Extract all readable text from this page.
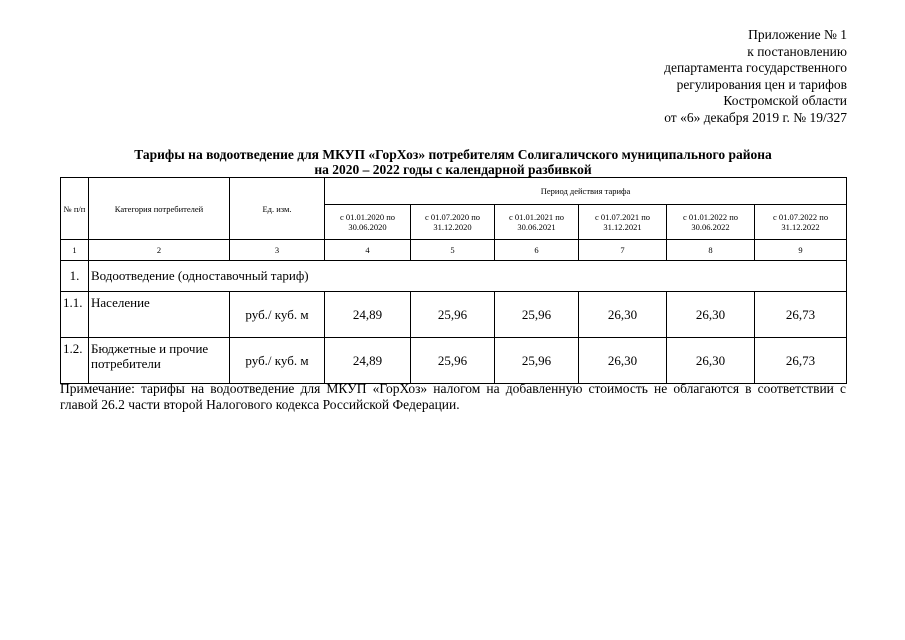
Приложение № 1
к постановлению
департамента государственного
регулирования цен и тарифов
Костромской области
от «6» декабря 2019 г. № 19/327
Тарифы на водоотведение для МКУП «ГорХоз» потребителям Солигаличского муниципального района
на 2020 – 2022 годы с календарной разбивкой
№ п/п	Категория потребителей	Ед. изм.	Период действия тарифа					
			с 01.01.2020 по 30.06.2020	с 01.07.2020 по 31.12.2020	с 01.01.2021 по 30.06.2021	с 01.07.2021 по 31.12.2021	с 01.01.2022 по 30.06.2022	с 01.07.2022 по 31.12.2022
1	2	3	4	5	6	7	8	9
1.	Водоотведение (одноставочный тариф)							
1.1.	Население	руб./ куб. м	24,89	25,96	25,96	26,30	26,30	26,73
1.2.	Бюджетные и прочие потребители	руб./ куб. м	24,89	25,96	25,96	26,30	26,30	26,73
Примечание: тарифы на водоотведение для МКУП «ГорХоз» налогом на добавленную стоимость не облагаются в соответствии с главой 26.2 части второй Налогового кодекса Российской Федерации.
